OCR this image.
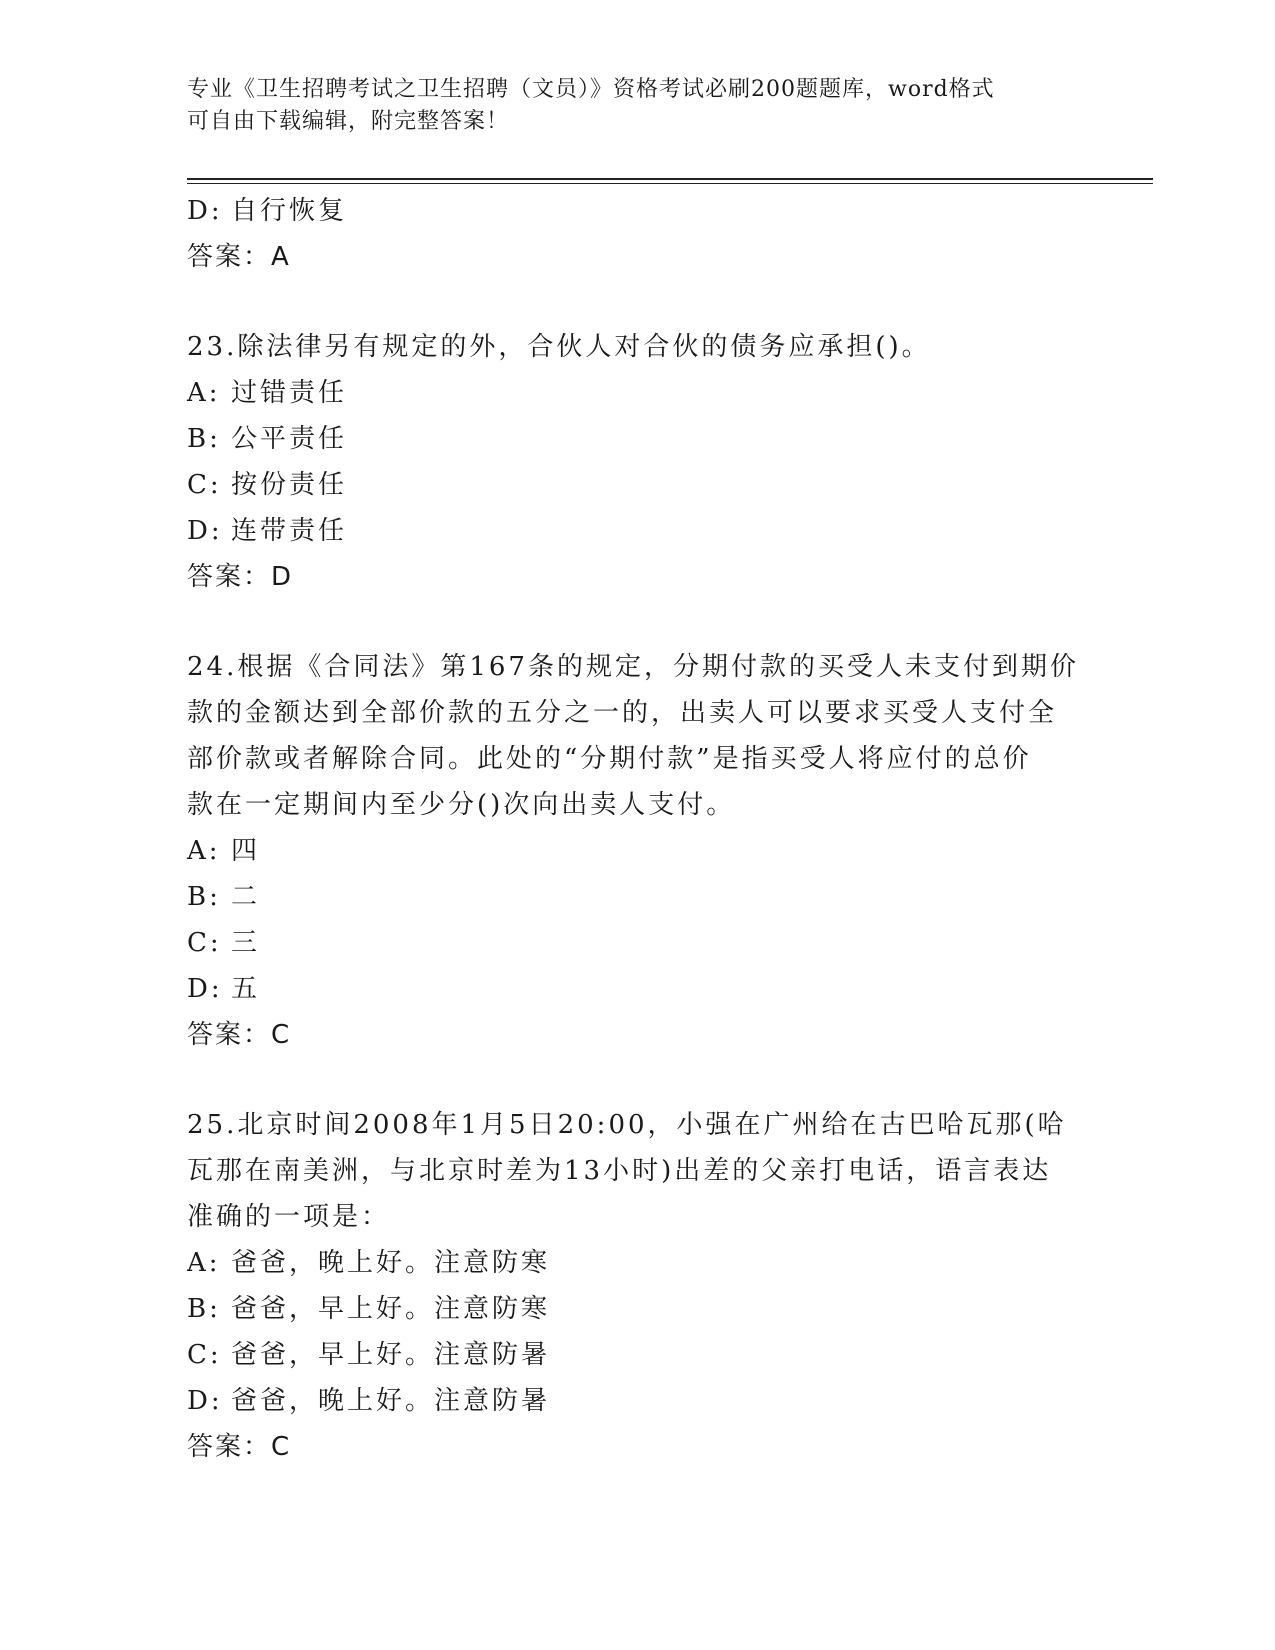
专业《卫生招聘考试之卫生招聘（文员）》资格考试必刷200题题库，word格式
可自由下载编辑，附完整答案！
D: 自行恢复
答案：A
23.除法律另有规定的外，合伙人对合伙的债务应承担()。
A: 过错责任
B: 公平责任
C: 按份责任
D: 连带责任
答案：D
24.根据《合同法》第167条的规定，分期付款的买受人未支付到期价
款的金额达到全部价款的五分之一的，出卖人可以要求买受人支付全
部价款或者解除合同。此处的“分期付款”是指买受人将应付的总价
款在一定期间内至少分()次向出卖人支付。
A: 四
B: 二
C: 三
D: 五
答案：C
25.北京时间2008年1月5日20:00，小强在广州给在古巴哈瓦那(哈
瓦那在南美洲，与北京时差为13小时)出差的父亲打电话，语言表达
准确的一项是：
A: 爸爸，晚上好。注意防寒
B: 爸爸，早上好。注意防寒
C: 爸爸，早上好。注意防暑
D: 爸爸，晚上好。注意防暑
答案：C
